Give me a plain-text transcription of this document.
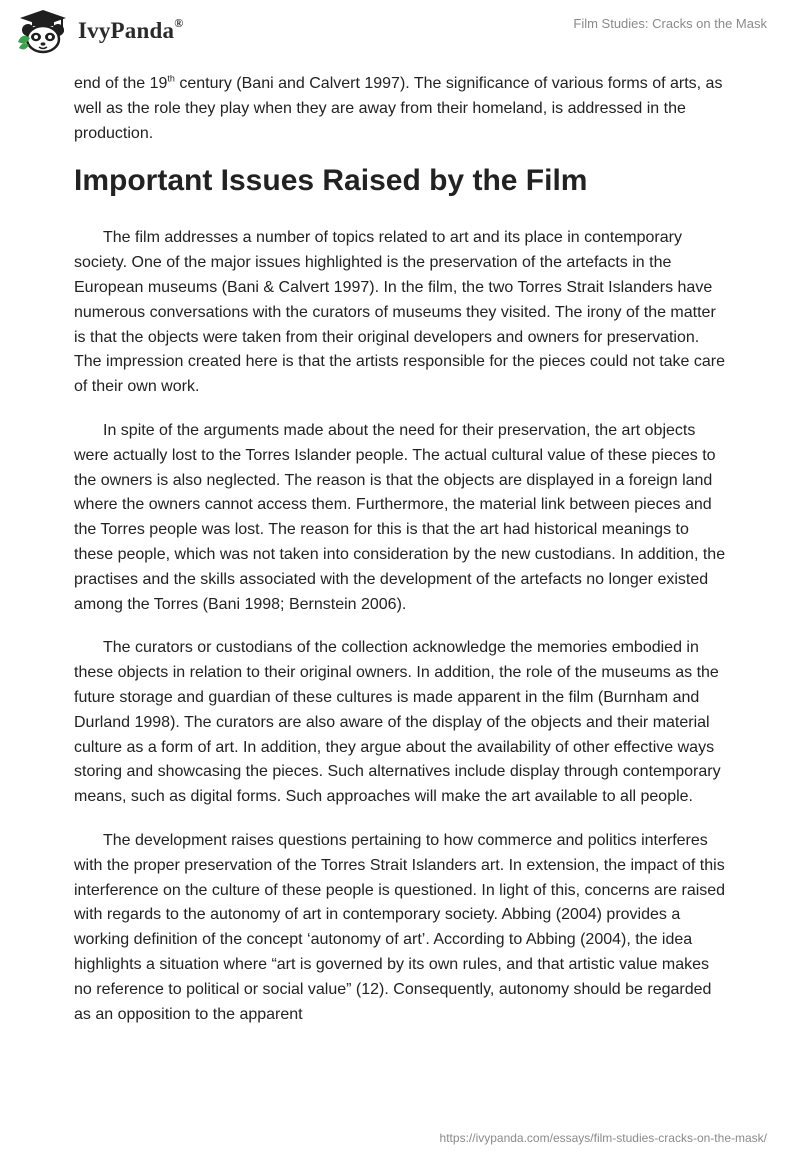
IvyPanda®	Film Studies: Cracks on the Mask

end of the 19th century (Bani and Calvert 1997). The significance of various forms of arts, as well as the role they play when they are away from their homeland, is addressed in the production.

Important Issues Raised by the Film

The film addresses a number of topics related to art and its place in contemporary society. One of the major issues highlighted is the preservation of the artefacts in the European museums (Bani & Calvert 1997). In the film, the two Torres Strait Islanders have numerous conversations with the curators of museums they visited. The irony of the matter is that the objects were taken from their original developers and owners for preservation. The impression created here is that the artists responsible for the pieces could not take care of their own work.

In spite of the arguments made about the need for their preservation, the art objects were actually lost to the Torres Islander people. The actual cultural value of these pieces to the owners is also neglected. The reason is that the objects are displayed in a foreign land where the owners cannot access them. Furthermore, the material link between pieces and the Torres people was lost. The reason for this is that the art had historical meanings to these people, which was not taken into consideration by the new custodians. In addition, the practises and the skills associated with the development of the artefacts no longer existed among the Torres (Bani 1998; Bernstein 2006).

The curators or custodians of the collection acknowledge the memories embodied in these objects in relation to their original owners. In addition, the role of the museums as the future storage and guardian of these cultures is made apparent in the film (Burnham and Durland 1998). The curators are also aware of the display of the objects and their material culture as a form of art. In addition, they argue about the availability of other effective ways storing and showcasing the pieces. Such alternatives include display through contemporary means, such as digital forms. Such approaches will make the art available to all people.

The development raises questions pertaining to how commerce and politics interferes with the proper preservation of the Torres Strait Islanders art. In extension, the impact of this interference on the culture of these people is questioned. In light of this, concerns are raised with regards to the autonomy of art in contemporary society. Abbing (2004) provides a working definition of the concept ‘autonomy of art’. According to Abbing (2004), the idea highlights a situation where “art is governed by its own rules, and that artistic value makes no reference to political or social value” (12). Consequently, autonomy should be regarded as an opposition to the apparent

https://ivypanda.com/essays/film-studies-cracks-on-the-mask/
